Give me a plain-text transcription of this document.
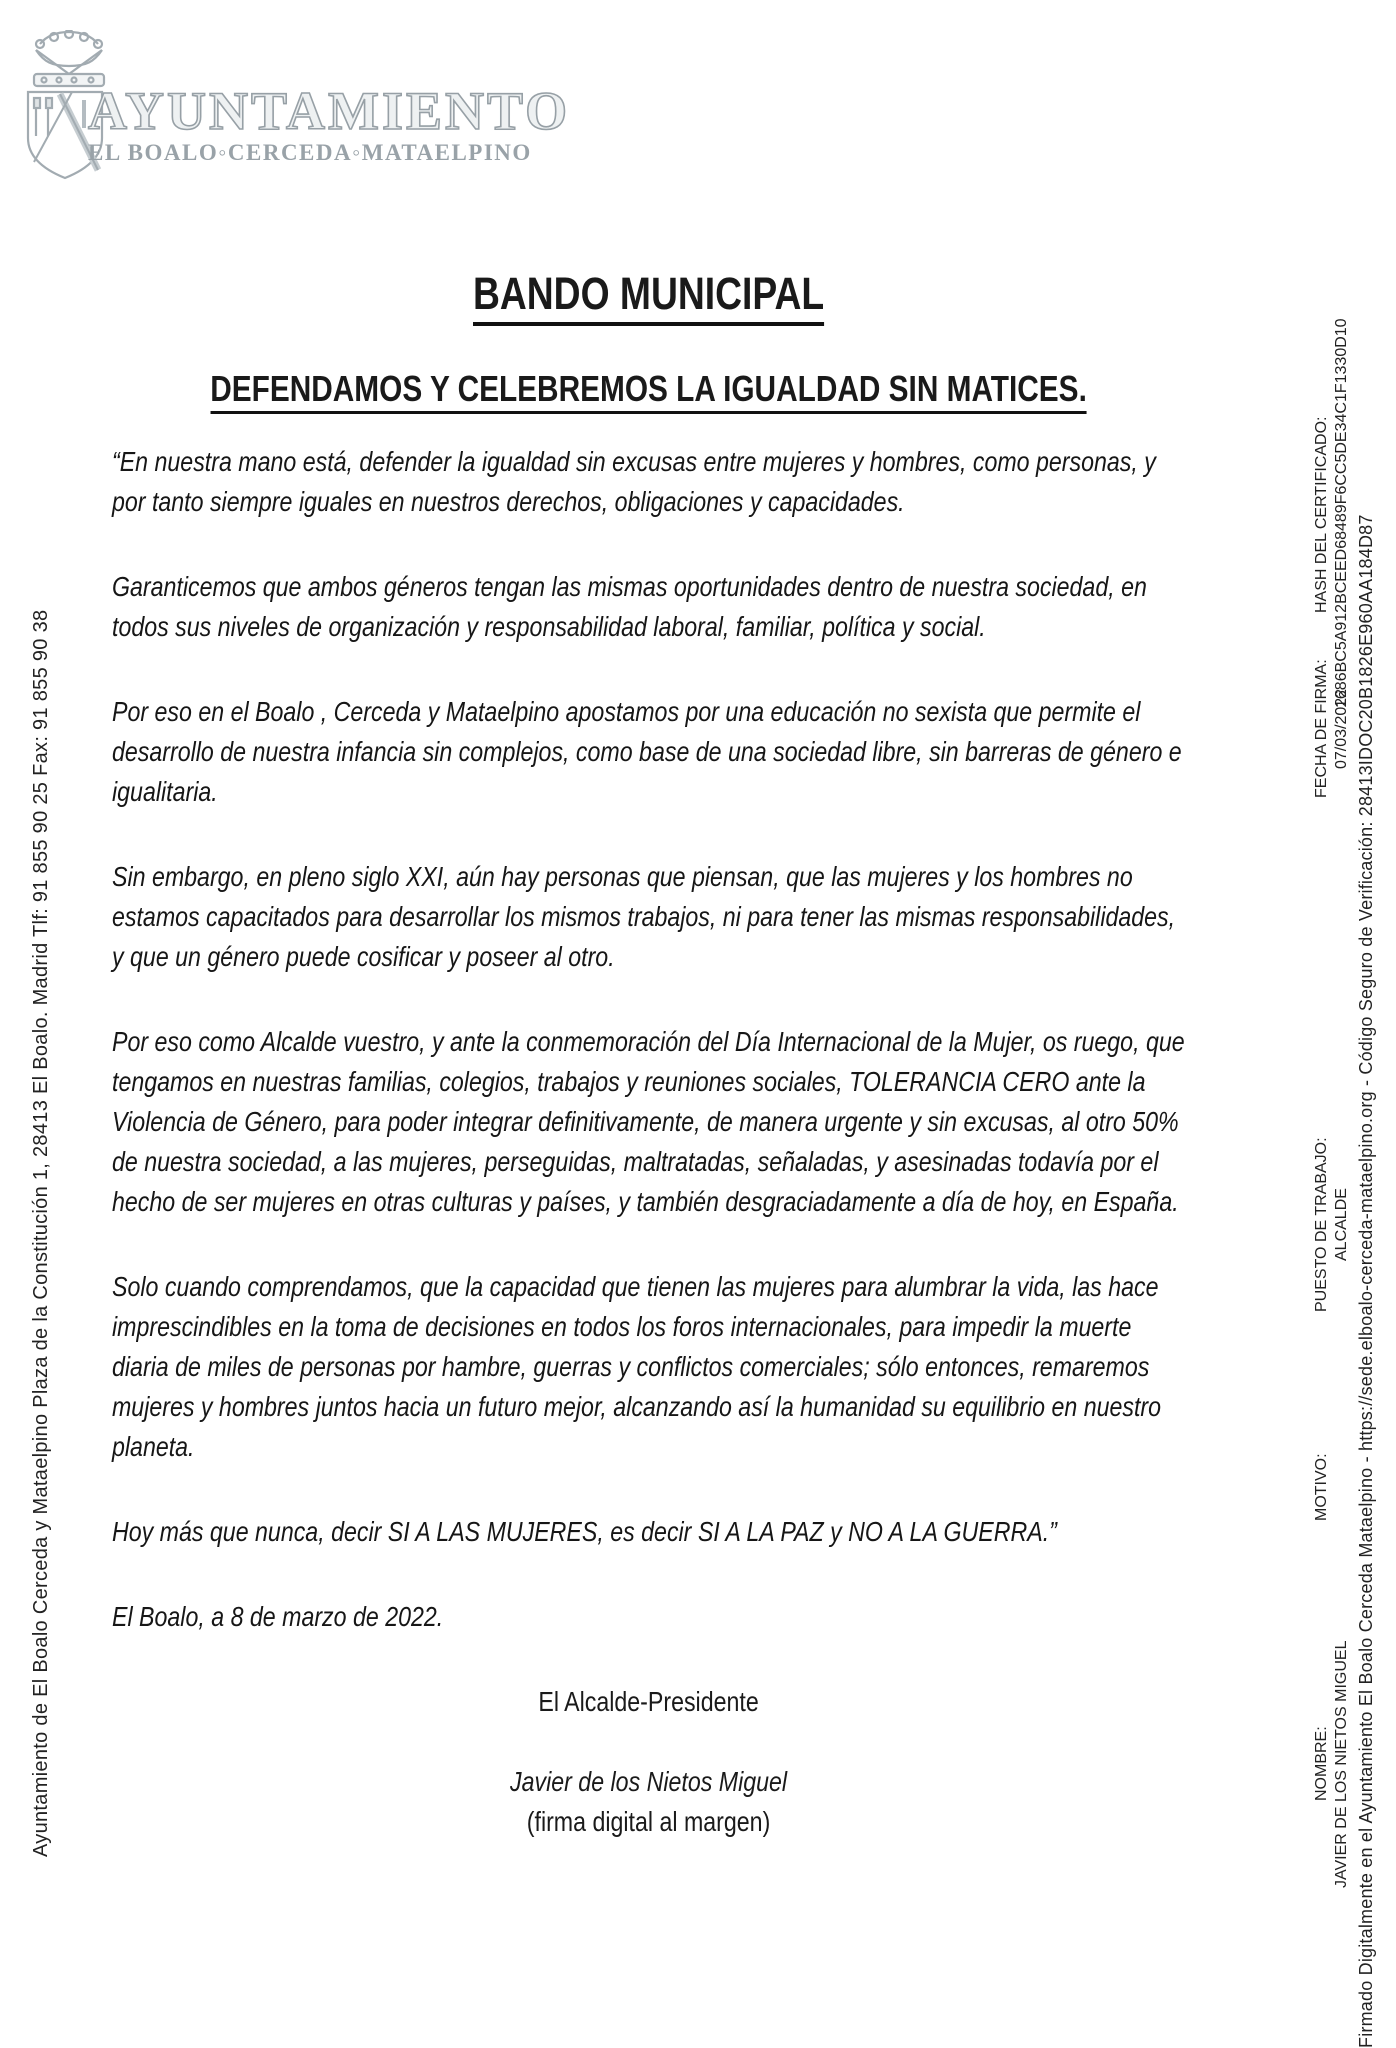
AYUNTAMIENTO
EL BOALO◦CERCEDA◦MATAELPINO
Ayuntamiento de El Boalo Cerceda y Mataelpino Plaza de la Constitución 1, 28413 El Boalo. Madrid Tlf: 91 855 90 25 Fax: 91 855 90 38
BANDO MUNICIPAL
DEFENDAMOS Y CELEBREMOS LA IGUALDAD SIN MATICES.

“En nuestra mano está, defender la igualdad sin excusas entre mujeres y hombres, como personas, y por tanto siempre iguales en nuestros derechos, obligaciones y capacidades.

Garanticemos que ambos géneros tengan las mismas oportunidades dentro de nuestra sociedad, en todos sus niveles de organización y responsabilidad laboral, familiar, política y social.

Por eso en el Boalo , Cerceda y Mataelpino apostamos por una educación no sexista que permite el desarrollo de nuestra infancia sin complejos, como base de una sociedad libre, sin barreras de género e igualitaria.

Sin embargo, en pleno siglo XXI, aún hay personas que piensan, que las mujeres y los hombres no estamos capacitados para desarrollar los mismos trabajos, ni para tener las mismas responsabilidades, y que un género puede cosificar y poseer al otro.

Por eso como Alcalde vuestro, y ante la conmemoración del Día Internacional de la Mujer, os ruego, que tengamos en nuestras familias, colegios, trabajos y reuniones sociales, TOLERANCIA CERO ante la Violencia de Género, para poder integrar definitivamente, de manera urgente y sin excusas, al otro 50% de nuestra sociedad, a las mujeres, perseguidas, maltratadas, señaladas, y asesinadas todavía por el hecho de ser mujeres en otras culturas y países, y también desgraciadamente a día de hoy, en España.

Solo cuando comprendamos, que la capacidad que tienen las mujeres para alumbrar la vida, las hace imprescindibles en la toma de decisiones en todos los foros internacionales, para impedir la muerte diaria de miles de personas por hambre, guerras y conflictos comerciales; sólo entonces, remaremos mujeres y hombres juntos hacia un futuro mejor, alcanzando así la humanidad su equilibrio en nuestro planeta.

Hoy más que nunca, decir SI A LAS MUJERES, es decir SI A LA PAZ y NO A LA GUERRA.”

El Boalo, a 8 de marzo de 2022.

El Alcalde-Presidente
Javier de los Nietos Miguel
(firma digital al margen)
HASH DEL CERTIFICADO: 1686BC5A912BCEED68489F6CC5DE34C1F1330D10
FECHA DE FIRMA: 07/03/2022
PUESTO DE TRABAJO: ALCALDE
MOTIVO:
NOMBRE: JAVIER DE LOS NIETOS MIGUEL Firmado Digitalmente en el Ayuntamiento El Boalo Cerceda Mataelpino - https://sede.elboalo-cerceda-mataelpino.org - Código Seguro de Verificación: 28413IDOC20B1826E960AA184D87
